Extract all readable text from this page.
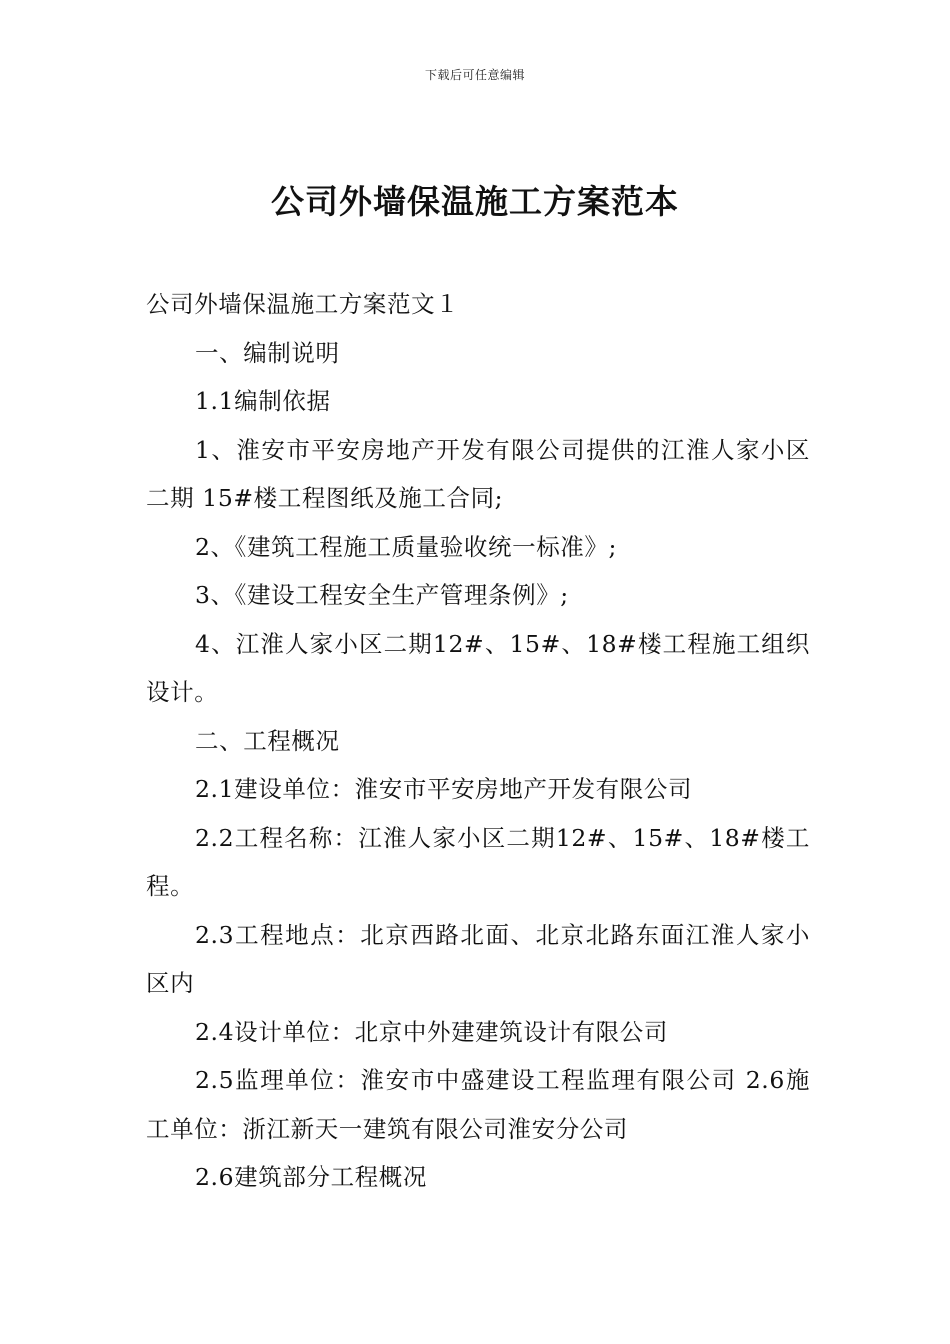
下载后可任意编辑
公司外墙保温施工方案范本

公司外墙保温施工方案范文１

一、编制说明

1.1编制依据

1、淮安市平安房地产开发有限公司提供的江淮人家小区二期 15#楼工程图纸及施工合同;

2、《建筑工程施工质量验收统一标准》;

3、《建设工程安全生产管理条例》;

4、江淮人家小区二期12#、15#、18#楼工程施工组织设计。

二、工程概况

2.1建设单位：淮安市平安房地产开发有限公司

2.2工程名称：江淮人家小区二期12#、15#、18#楼工程。

2.3工程地点：北京西路北面、北京北路东面江淮人家小区内

2.4设计单位：北京中外建建筑设计有限公司

2.5监理单位：淮安市中盛建设工程监理有限公司 2.6施工单位：浙江新天一建筑有限公司淮安分公司

2.6建筑部分工程概况
